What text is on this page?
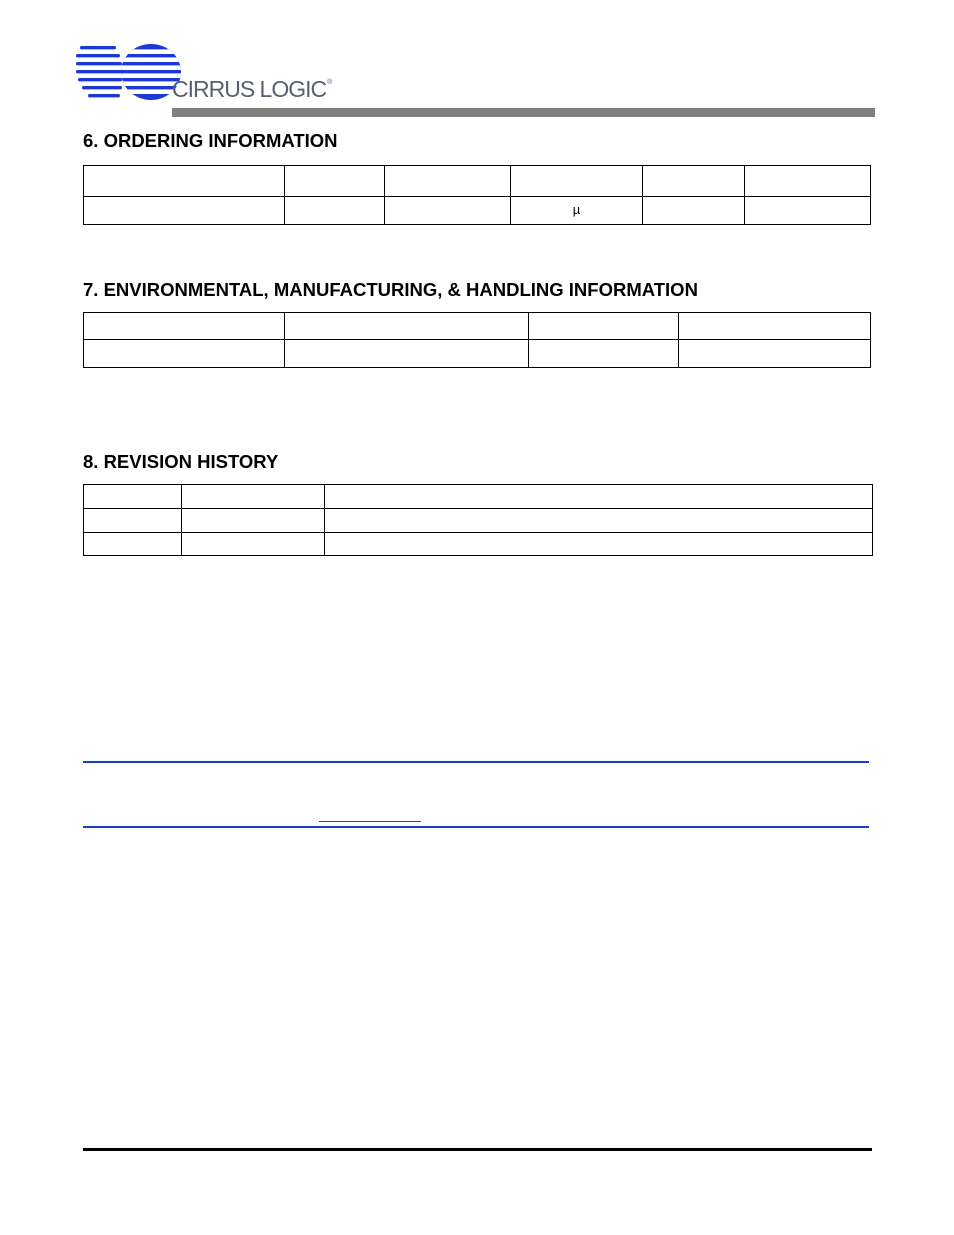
CIRRUS LOGIC®
6. ORDERING INFORMATION

			µ		
7. ENVIRONMENTAL, MANUFACTURING, & HANDLING INFORMATION

8. REVISION HISTORY
